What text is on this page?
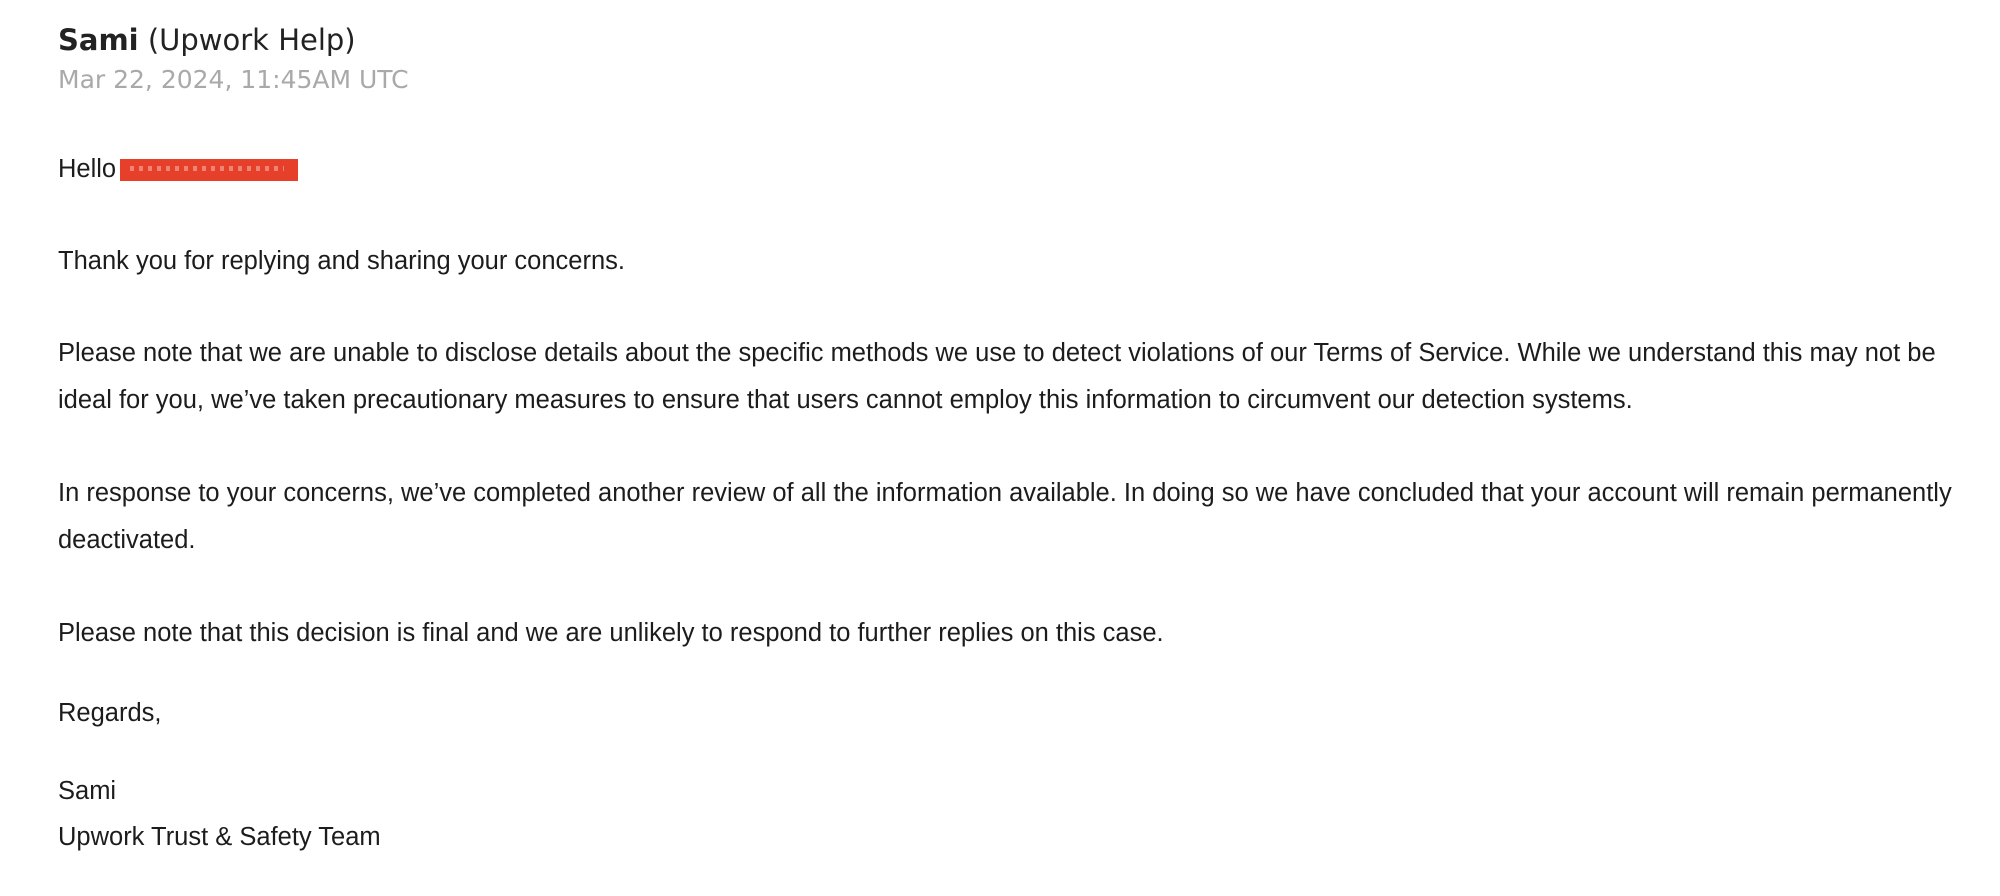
Sami (Upwork Help)
Mar 22, 2024, 11:45AM UTC
Hello

Thank you for replying and sharing your concerns.

Please note that we are unable to disclose details about the specific methods we use to detect violations of our Terms of Service. While we understand this may not be ideal for you, we’ve taken precautionary measures to ensure that users cannot employ this information to circumvent our detection systems.

In response to your concerns, we’ve completed another review of all the information available. In doing so we have concluded that your account will remain permanently deactivated.

Please note that this decision is final and we are unlikely to respond to further replies on this case.

Regards,

Sami

Upwork Trust & Safety Team
